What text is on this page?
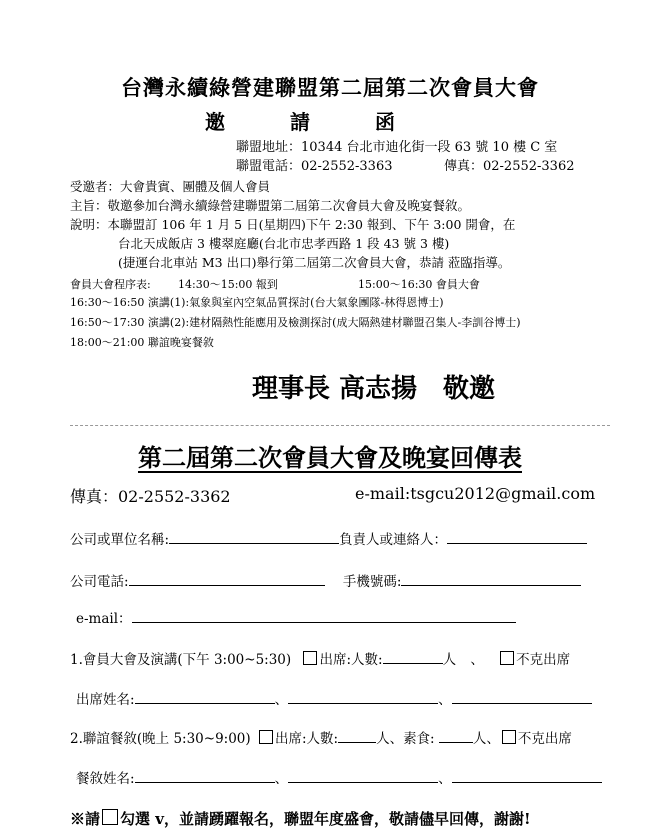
台灣永續綠營建聯盟第二屆第二次會員大會
邀	請	函
聯盟地址：10344 台北市迪化街一段 63 號 10 樓 C 室
聯盟電話：02-2552-3363	傳真：02-2552-3362
受邀者：大會貴賓、團體及個人會員
主旨：敬邀參加台灣永續綠營建聯盟第二屆第二次會員大會及晚宴餐敘。
說明：本聯盟訂 106 年 1 月 5 日(星期四)下午 2:30 報到、下午 3:00 開會，在
台北天成飯店 3 樓翠庭廳(台北市忠孝西路 1 段 43 號 3 樓)
(捷運台北車站 M3 出口)舉行第二屆第二次會員大會，恭請 蒞臨指導。
會員大會程序表: 14:30～15:00 報到	15:00～16:30 會員大會
16:30～16:50 演講(1):氣象與室內空氣品質探討(台大氣象團隊-林得恩博士)
16:50～17:30 演講(2):建材隔熱性能應用及檢測探討(成大隔熱建材聯盟召集人-李訓谷博士)
18:00～21:00 聯誼晚宴餐敘
理事長 高志揚　敬邀
第二屆第二次會員大會及晚宴回傳表
傳真：02-2552-3362	e-mail:tsgcu2012@gmail.com
公司或單位名稱:	負責人或連絡人：
公司電話:	手機號碼:
e-mail：
1.會員大會及演講(下午 3:00~5:30) 出席:人數:	人 、 不克出席
出席姓名:	、	、
2.聯誼餐敘(晚上 5:30~9:00) 出席:人數:	人、素食:	人、 不克出席
餐敘姓名:	、	、
※請 勾選 v，並請踴躍報名，聯盟年度盛會，敬請儘早回傳，謝謝!
